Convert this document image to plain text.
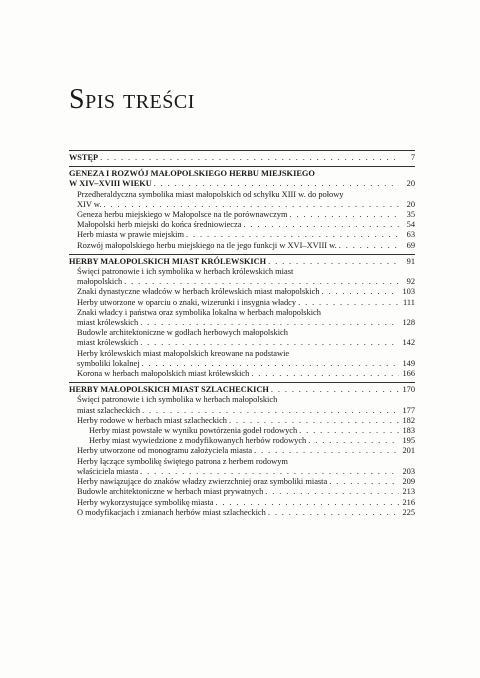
Spis treści
WSTĘP . . .	7
GENEZA I ROZWÓJ MAŁOPOLSKIEGO HERBU MIEJSKIEGO
W XIV–XVIII WIEKU . . .	20
Przedheraldyczna symbolika miast małopolskich od schyłku XIII w. do połowy
XIV w. . . .	20
Geneza herbu miejskiego w Małopolsce na tle porównawczym . . .	35
Małopolski herb miejski do końca średniowiecza . . .	54
Herb miasta w prawie miejskim . . .	63
Rozwój małopolskiego herbu miejskiego na tle jego funkcji w XVI–XVIII w. . . .	69
HERBY MAŁOPOLSKICH MIAST KRÓLEWSKICH . . .	91
Święci patronowie i ich symbolika w herbach królewskich miast
małopolskich . . .	92
Znaki dynastyczne władców w herbach królewskich miast małopolskich . . .	103
Herby utworzone w oparciu o znaki, wizerunki i insygnia władcy . . .	111
Znaki władcy i państwa oraz symbolika lokalna w herbach małopolskich
miast królewskich . . .	128
Budowle architektoniczne w godłach herbowych małopolskich
miast królewskich . . .	142
Herby królewskich miast małopolskich kreowane na podstawie
symboliki lokalnej . . .	149
Korona w herbach małopolskich miast królewskich . . .	166
HERBY MAŁOPOLSKICH MIAST SZLACHECKICH . . .	170
Święci patronowie i ich symbolika w herbach małopolskich
miast szlacheckich . . .	177
Herby rodowe w herbach miast szlacheckich . . .	182
Herby miast powstałe w wyniku powtórzenia godeł rodowych . . .	183
Herby miast wywiedzione z modyfikowanych herbów rodowych . . .	195
Herby utworzone od monogramu założyciela miasta . . .	201
Herby łączące symbolikę świętego patrona z herbem rodowym
właściciela miasta . . .	203
Herby nawiązujące do znaków władzy zwierzchniej oraz symboliki miasta . . .	209
Budowle architektoniczne w herbach miast prywatnych . . .	213
Herby wykorzystujące symbolikę miasta . . .	216
O modyfikacjach i zmianach herbów miast szlacheckich . . .	225
